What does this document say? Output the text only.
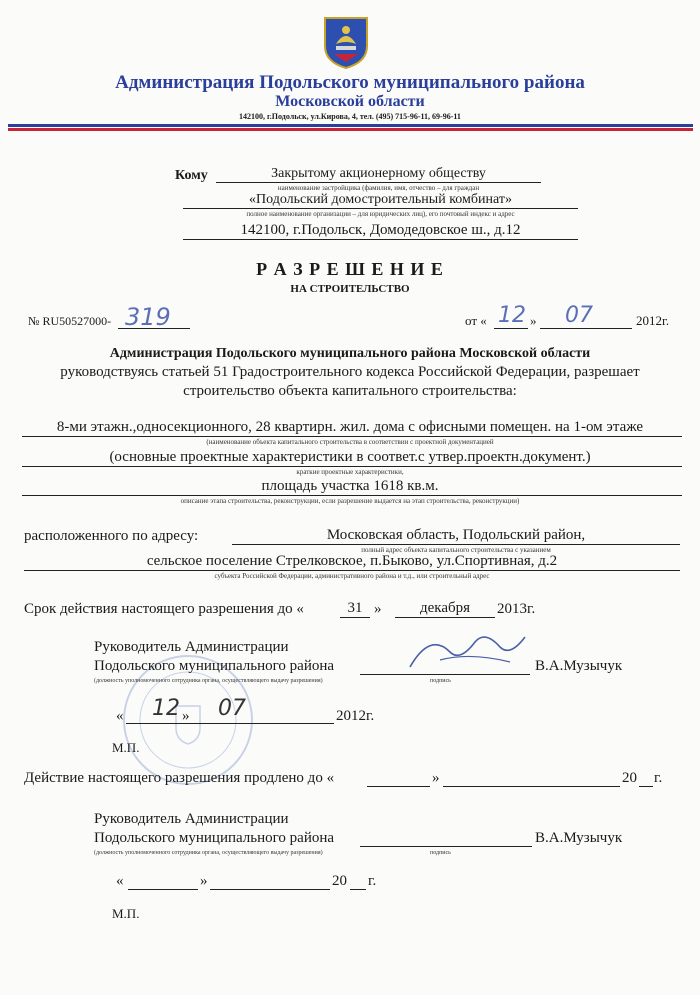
Администрация Подольского муниципального района
Московской области
142100, г.Подольск, ул.Кирова, 4, тел. (495) 715-96-11, 69-96-11
Кому	Закрытому акционерному обществу
наименование застройщика (фамилия, имя, отчество – для граждан
«Подольский домостроительный комбинат»
полное наименование организации – для юридических лиц), его почтовый индекс и адрес
142100, г.Подольск, Домодедовское ш., д.12
Р А З Р Е Ш Е Н И Е
НА СТРОИТЕЛЬСТВО
№ RU50527000- 319	от « 12 » 07	2012г.
Администрация Подольского муниципального района Московской области
руководствуясь статьей 51 Градостроительного кодекса Российской Федерации, разрешает
строительство объекта капитального строительства:
8-ми этажн.,односекционного, 28 квартирн. жил. дома с офисными помещен. на 1-ом этаже
(наименование объекта капитального строительства в соответствии с проектной документацией
(основные проектные характеристики в соответ.с утвер.проектн.документ.)
краткие проектные характеристики,
площадь участка 1618 кв.м.
описание этапа строительства, реконструкции, если разрешение выдается на этап строительства, реконструкции)
расположенного по адресу:	Московская область, Подольский район,
полный адрес объекта капитального строительства с указанием
сельское поселение Стрелковское, п.Быково, ул.Спортивная, д.2
субъекта Российской Федерации, административного района и т.д., или строительный адрес
Срок действия настоящего разрешения до «	31 »	декабря	2013г.
Руководитель Администрации
Подольского муниципального района	В.А.Музычук
(должность уполномоченного сотрудника органа, осуществляющего выдачу разрешения)	подпись
« 12 » 07	2012г.
М.П.
Действие настоящего разрешения продлено до «	»	20 г.
Руководитель Администрации
Подольского муниципального района	В.А.Музычук
(должность уполномоченного сотрудника органа, осуществляющего выдачу разрешения)	подпись
«	»	20 г.
М.П.
